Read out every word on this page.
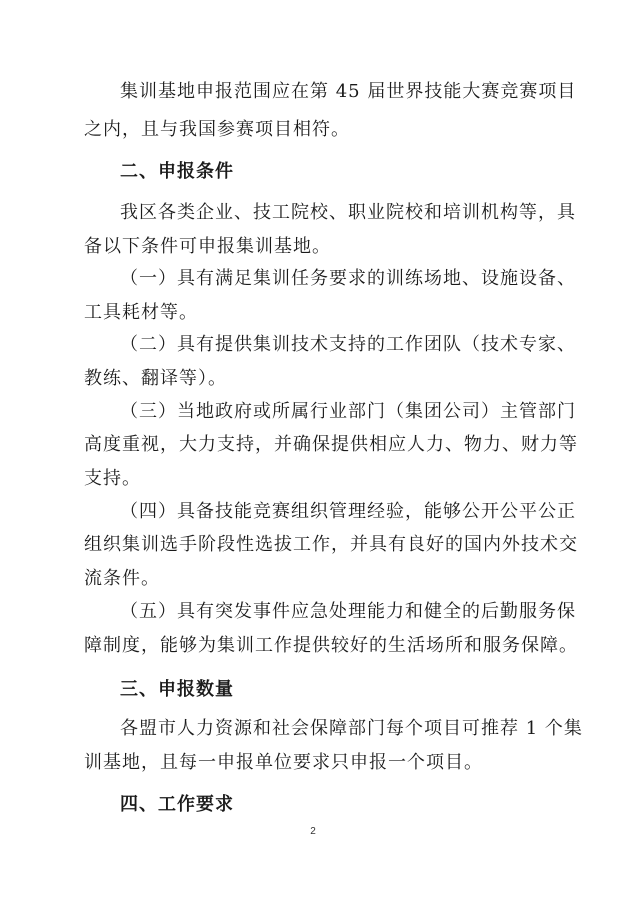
集训基地申报范围应在第 45 届世界技能大赛竞赛项目
之内，且与我国参赛项目相符。
二、申报条件
我区各类企业、技工院校、职业院校和培训机构等，具
备以下条件可申报集训基地。
（一）具有满足集训任务要求的训练场地、设施设备、
工具耗材等。
（二）具有提供集训技术支持的工作团队（技术专家、
教练、翻译等）。
（三）当地政府或所属行业部门（集团公司）主管部门
高度重视，大力支持，并确保提供相应人力、物力、财力等
支持。
（四）具备技能竞赛组织管理经验，能够公开公平公正
组织集训选手阶段性选拔工作，并具有良好的国内外技术交
流条件。
（五）具有突发事件应急处理能力和健全的后勤服务保
障制度，能够为集训工作提供较好的生活场所和服务保障。
三、申报数量
各盟市人力资源和社会保障部门每个项目可推荐 1 个集
训基地，且每一申报单位要求只申报一个项目。
四、工作要求
2
